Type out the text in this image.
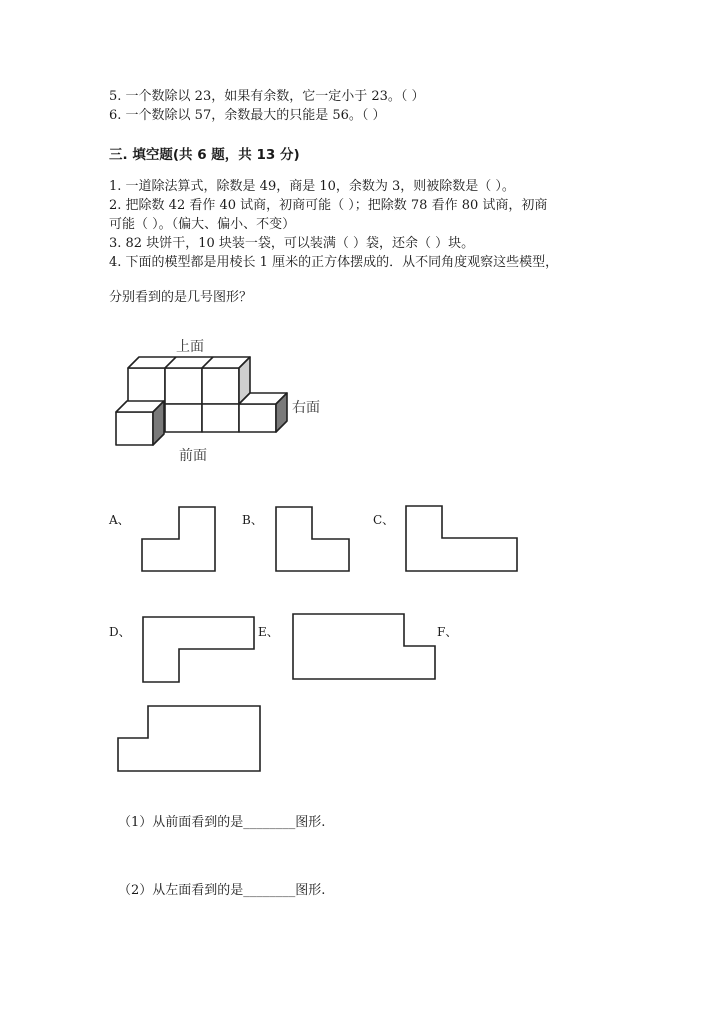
5. 一个数除以 23，如果有余数，它一定小于 23。（ ）
6. 一个数除以 57，余数最大的只能是 56。（ ）
三. 填空题(共 6 题，共 13 分)
1. 一道除法算式，除数是 49，商是 10，余数为 3，则被除数是（ ）。
2. 把除数 42 看作 40 试商，初商可能（ ）；把除数 78 看作 80 试商，初商
可能（ ）。（偏大、偏小、不变）
3. 82 块饼干，10 块装一袋，可以装满（ ）袋，还余（ ）块。
4. 下面的模型都是用棱长 1 厘米的正方体摆成的．从不同角度观察这些模型，
分别看到的是几号图形？
上面
右面
前面
A、	B、	C、
D、	E、	F、
（1）从前面看到的是________图形.
（2）从左面看到的是________图形.
